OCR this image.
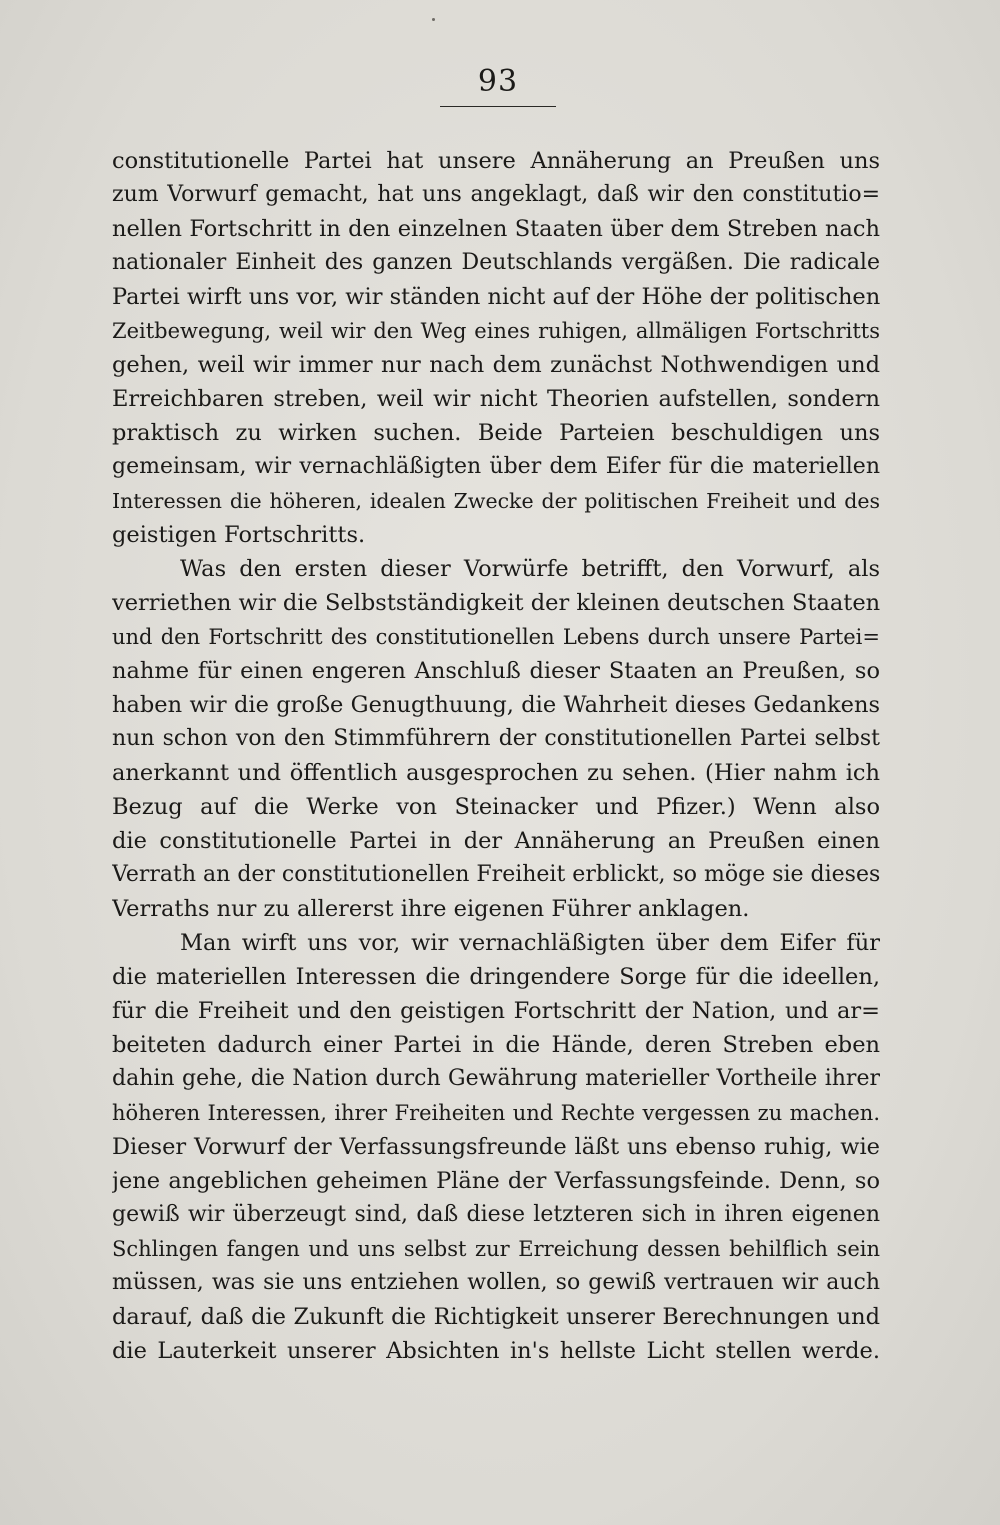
93
constitutionelle Partei hat unsere Annäherung an Preußen uns
zum Vorwurf gemacht, hat uns angeklagt, daß wir den constitutio=
nellen Fortschritt in den einzelnen Staaten über dem Streben nach
nationaler Einheit des ganzen Deutschlands vergäßen. Die radicale
Partei wirft uns vor, wir ständen nicht auf der Höhe der politischen
Zeitbewegung, weil wir den Weg eines ruhigen, allmäligen Fortschritts
gehen, weil wir immer nur nach dem zunächst Nothwendigen und
Erreichbaren streben, weil wir nicht Theorien aufstellen, sondern
praktisch zu wirken suchen. Beide Parteien beschuldigen uns
gemeinsam, wir vernachläßigten über dem Eifer für die materiellen
Interessen die höheren, idealen Zwecke der politischen Freiheit und des
geistigen Fortschritts.
Was den ersten dieser Vorwürfe betrifft, den Vorwurf, als
verriethen wir die Selbstständigkeit der kleinen deutschen Staaten
und den Fortschritt des constitutionellen Lebens durch unsere Partei=
nahme für einen engeren Anschluß dieser Staaten an Preußen, so
haben wir die große Genugthuung, die Wahrheit dieses Gedankens
nun schon von den Stimmführern der constitutionellen Partei selbst
anerkannt und öffentlich ausgesprochen zu sehen. (Hier nahm ich
Bezug auf die Werke von Steinacker und Pfizer.) Wenn also
die constitutionelle Partei in der Annäherung an Preußen einen
Verrath an der constitutionellen Freiheit erblickt, so möge sie dieses
Verraths nur zu allererst ihre eigenen Führer anklagen.
Man wirft uns vor, wir vernachläßigten über dem Eifer für
die materiellen Interessen die dringendere Sorge für die ideellen,
für die Freiheit und den geistigen Fortschritt der Nation, und ar=
beiteten dadurch einer Partei in die Hände, deren Streben eben
dahin gehe, die Nation durch Gewährung materieller Vortheile ihrer
höheren Interessen, ihrer Freiheiten und Rechte vergessen zu machen.
Dieser Vorwurf der Verfassungsfreunde läßt uns ebenso ruhig, wie
jene angeblichen geheimen Pläne der Verfassungsfeinde. Denn, so
gewiß wir überzeugt sind, daß diese letzteren sich in ihren eigenen
Schlingen fangen und uns selbst zur Erreichung dessen behilflich sein
müssen, was sie uns entziehen wollen, so gewiß vertrauen wir auch
darauf, daß die Zukunft die Richtigkeit unserer Berechnungen und
die Lauterkeit unserer Absichten in's hellste Licht stellen werde.
